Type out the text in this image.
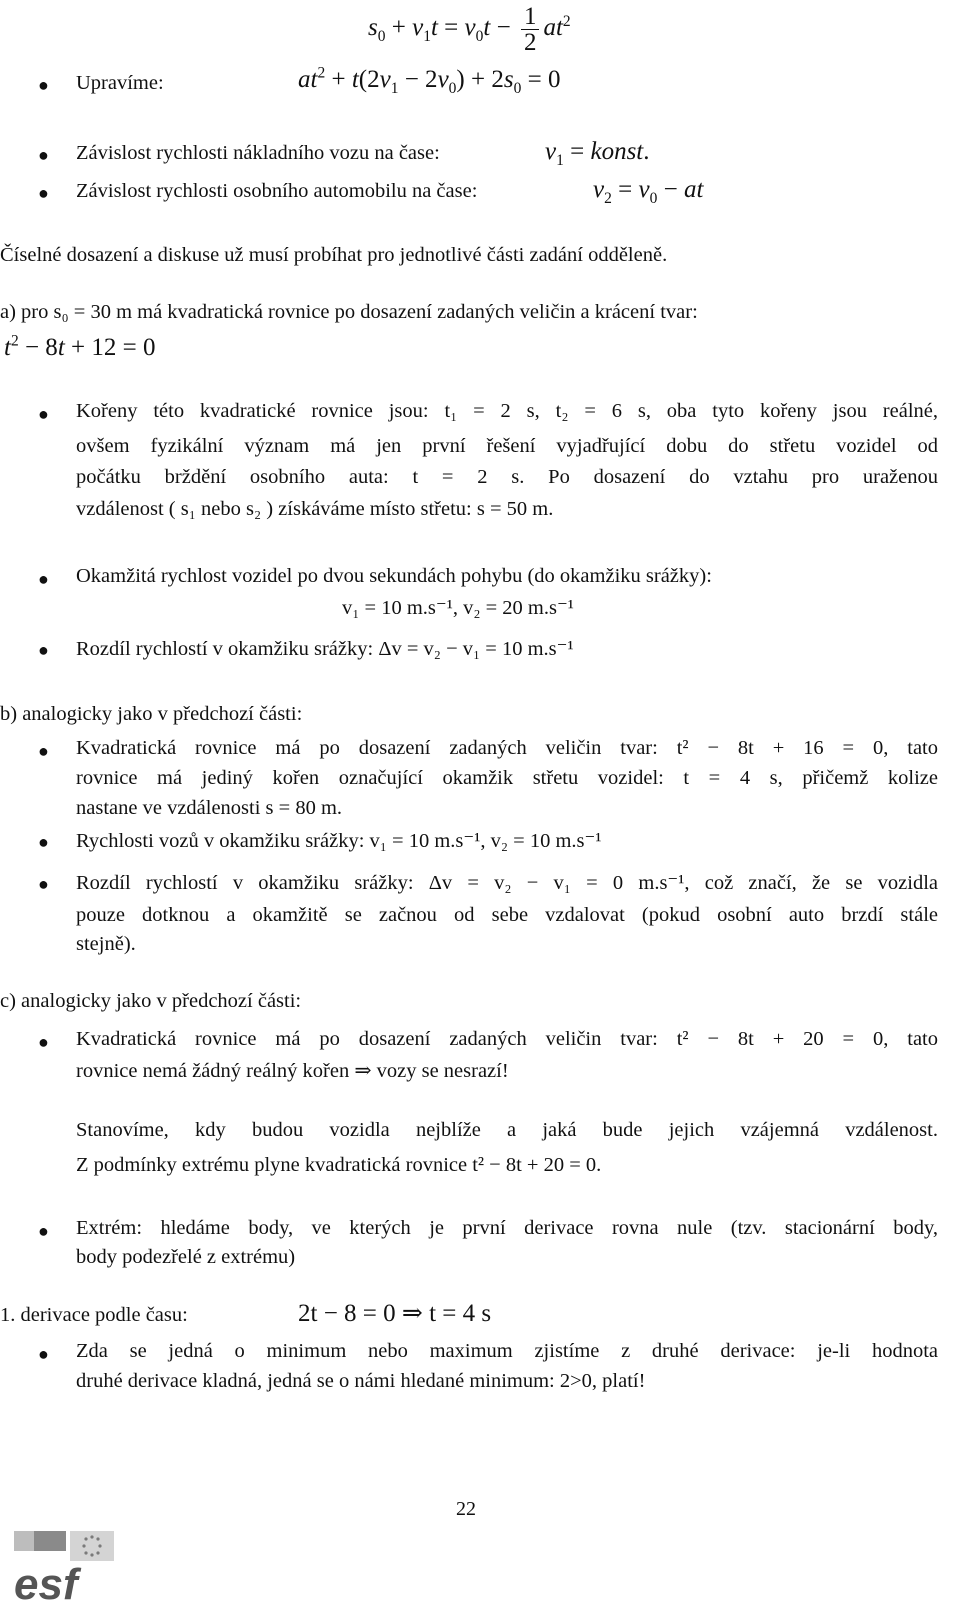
$s_0 + v_1t = v_0t - \frac{1}{2} at^2$
● Upravíme:	$at^2 + t(2v_1 - 2v_0) + 2s_0 = 0$
● Závislost rychlosti nákladního vozu na čase:	$v_1$ = konst.
● Závislost rychlosti osobního automobilu na čase:	$v_2 = v_0$ − at
Číselné dosazení a diskuse už musí probíhat pro jednotlivé části zadání odděleně.
a) pro s₀ = 30 m má kvadratická rovnice po dosazení zadaných veličin a krácení tvar:
$t^2 - 8t + 12 = 0$
● Kořeny této kvadratické rovnice jsou: t₁ = 2 s, t₂ = 6 s, oba tyto kořeny jsou reálné,
ovšem fyzikální význam má jen první řešení vyjadřující dobu do střetu vozidel od
počátku brždění osobního auta: t = 2 s. Po dosazení do vztahu pro uraženou
vzdálenost ( s₁ nebo s₂ ) získáváme místo střetu: s = 50 m.
● Okamžitá rychlost vozidel po dvou sekundách pohybu (do okamžiku srážky):
v₁ = 10 m.s⁻¹, v₂ = 20 m.s⁻¹
● Rozdíl rychlostí v okamžiku srážky: Δv = v₂ − v₁ = 10 m.s⁻¹
b) analogicky jako v předchozí části:
● Kvadratická rovnice má po dosazení zadaných veličin tvar: t² − 8t + 16 = 0, tato
rovnice má jediný kořen označující okamžik střetu vozidel: t = 4 s, přičemž kolize
nastane ve vzdálenosti s = 80 m.
● Rychlosti vozů v okamžiku srážky: v₁ = 10 m.s⁻¹, v₂ = 10 m.s⁻¹
● Rozdíl rychlostí v okamžiku srážky: Δv = v₂ − v₁ = 0 m.s⁻¹, což značí, že se vozidla
pouze dotknou a okamžitě se začnou od sebe vzdalovat (pokud osobní auto brzdí stále
stejně).
c) analogicky jako v předchozí části:
● Kvadratická rovnice má po dosazení zadaných veličin tvar: t² − 8t + 20 = 0, tato
rovnice nemá žádný reálný kořen ⇒ vozy se nesrazí!
Stanovíme, kdy budou vozidla nejblíže a jaká bude jejich vzájemná vzdálenost.
Z podmínky extrému plyne kvadratická rovnice t² − 8t + 20 = 0.
● Extrém: hledáme body, ve kterých je první derivace rovna nule (tzv. stacionární body,
body podezřelé z extrému)
1. derivace podle času:	2t − 8 = 0 ⇒ t = 4 s
● Zda se jedná o minimum nebo maximum zjistíme z druhé derivace: je-li hodnota
druhé derivace kladná, jedná se o námi hledané minimum: 2>0, platí!
22
esf
